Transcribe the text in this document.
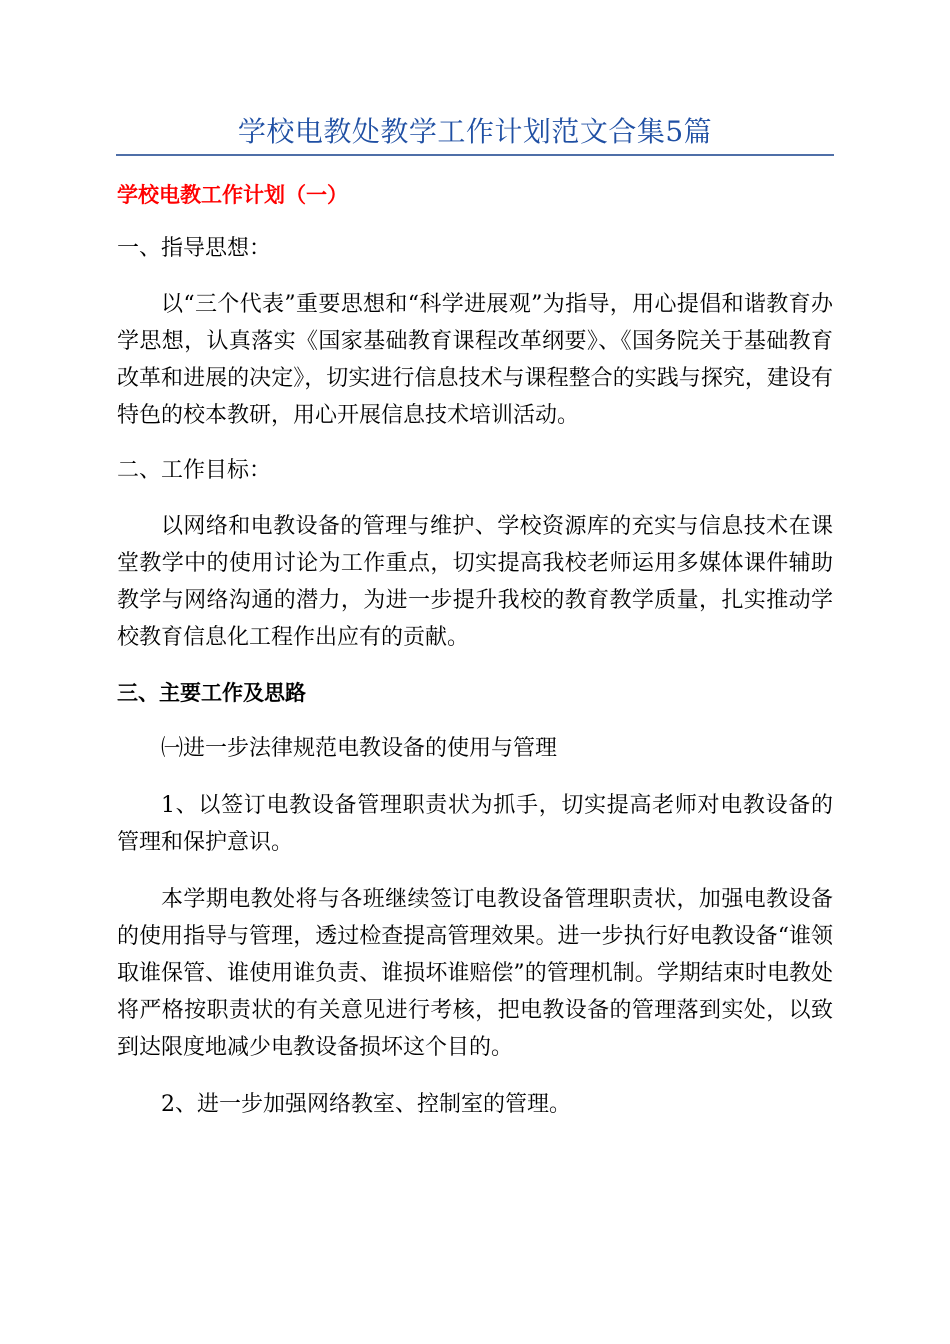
学校电教处教学工作计划范文合集5篇
学校电教工作计划（一）
一、指导思想：
以“三个代表”重要思想和“科学进展观”为指导，用心提倡和谐教育办学思想，认真落实《国家基础教育课程改革纲要》、《国务院关于基础教育改革和进展的决定》，切实进行信息技术与课程整合的实践与探究，建设有特色的校本教研，用心开展信息技术培训活动。
二、工作目标：
以网络和电教设备的管理与维护、学校资源库的充实与信息技术在课堂教学中的使用讨论为工作重点，切实提高我校老师运用多媒体课件辅助教学与网络沟通的潜力，为进一步提升我校的教育教学质量，扎实推动学校教育信息化工程作出应有的贡献。
三、主要工作及思路
㈠进一步法律规范电教设备的使用与管理
1、以签订电教设备管理职责状为抓手，切实提高老师对电教设备的管理和保护意识。
本学期电教处将与各班继续签订电教设备管理职责状，加强电教设备的使用指导与管理，透过检查提高管理效果。进一步执行好电教设备“谁领取谁保管、谁使用谁负责、谁损坏谁赔偿”的管理机制。学期结束时电教处将严格按职责状的有关意见进行考核，把电教设备的管理落到实处，以致到达限度地减少电教设备损坏这个目的。
2、进一步加强网络教室、控制室的管理。
